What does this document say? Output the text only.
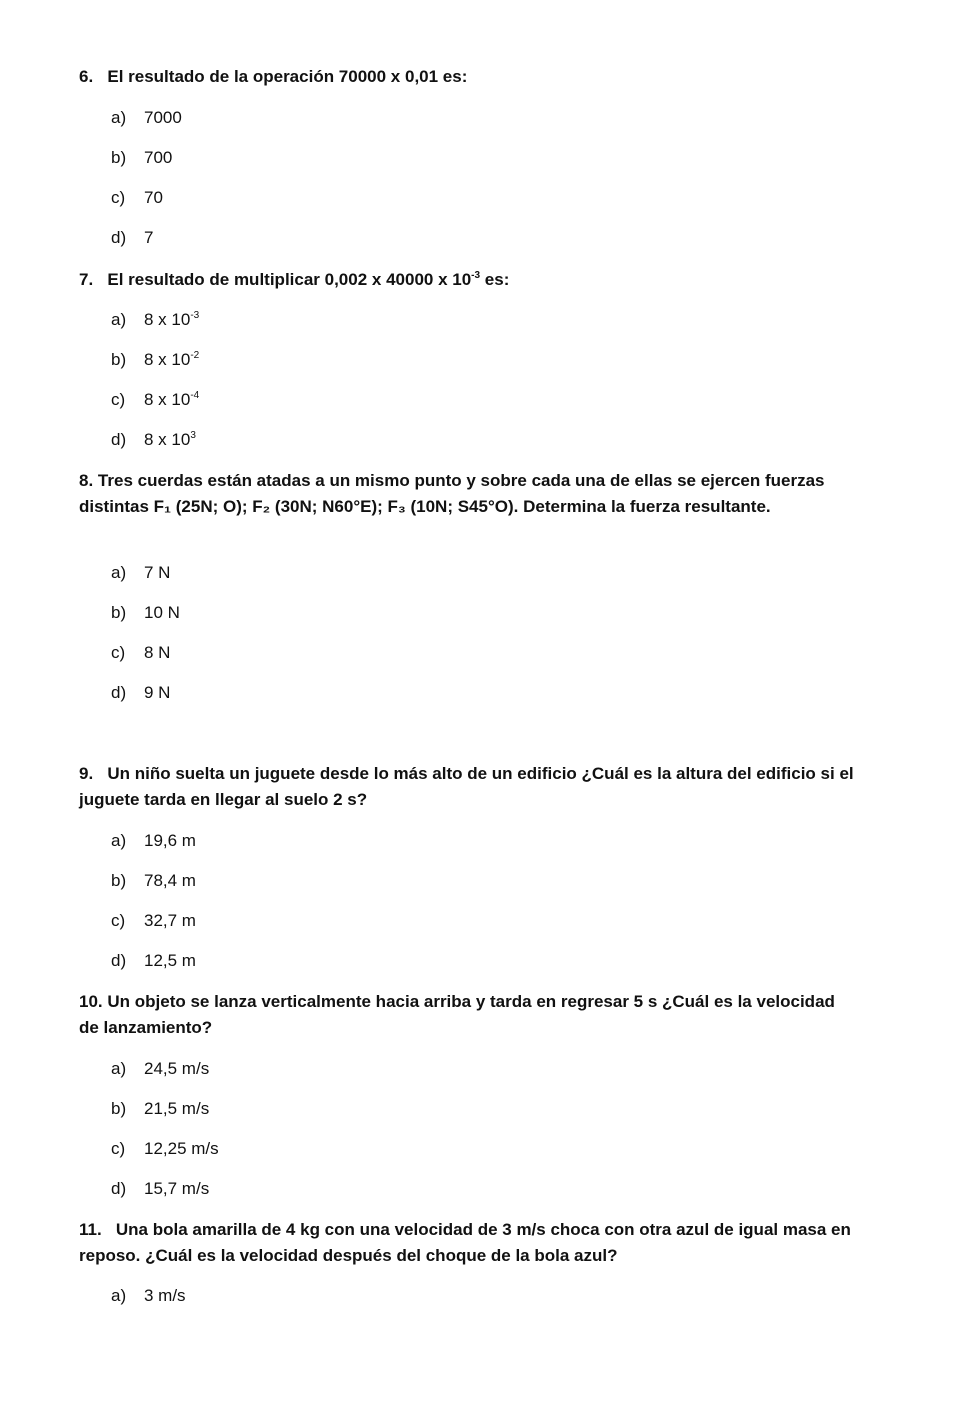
6. El resultado de la operación 70000 x 0,01 es:

a) 7000
b) 700
c) 70
d) 7

7. El resultado de multiplicar 0,002 x 40000 x $10^{-3}$ es:

a) 8 x $10^{-3}$
b) 8 x $10^{-2}$
c) 8 x $10^{-4}$
d) 8 x $10^3$

8. Tres cuerdas están atadas a un mismo punto y sobre cada una de ellas se ejercen fuerzas distintas F₁ (25N; O); F₂ (30N; N60°E); F₃ (10N; S45°O). Determina la fuerza resultante.

a) 7 N
b) 10 N
c) 8 N
d) 9 N

9. Un niño suelta un juguete desde lo más alto de un edificio ¿Cuál es la altura del edificio si el juguete tarda en llegar al suelo 2 s?

a) 19,6 m
b) 78,4 m
c) 32,7 m
d) 12,5 m

10. Un objeto se lanza verticalmente hacia arriba y tarda en regresar 5 s ¿Cuál es la velocidad de lanzamiento?

a) 24,5 m/s
b) 21,5 m/s
c) 12,25 m/s
d) 15,7 m/s

11. Una bola amarilla de 4 kg con una velocidad de 3 m/s choca con otra azul de igual masa en reposo. ¿Cuál es la velocidad después del choque de la bola azul?

a) 3 m/s
